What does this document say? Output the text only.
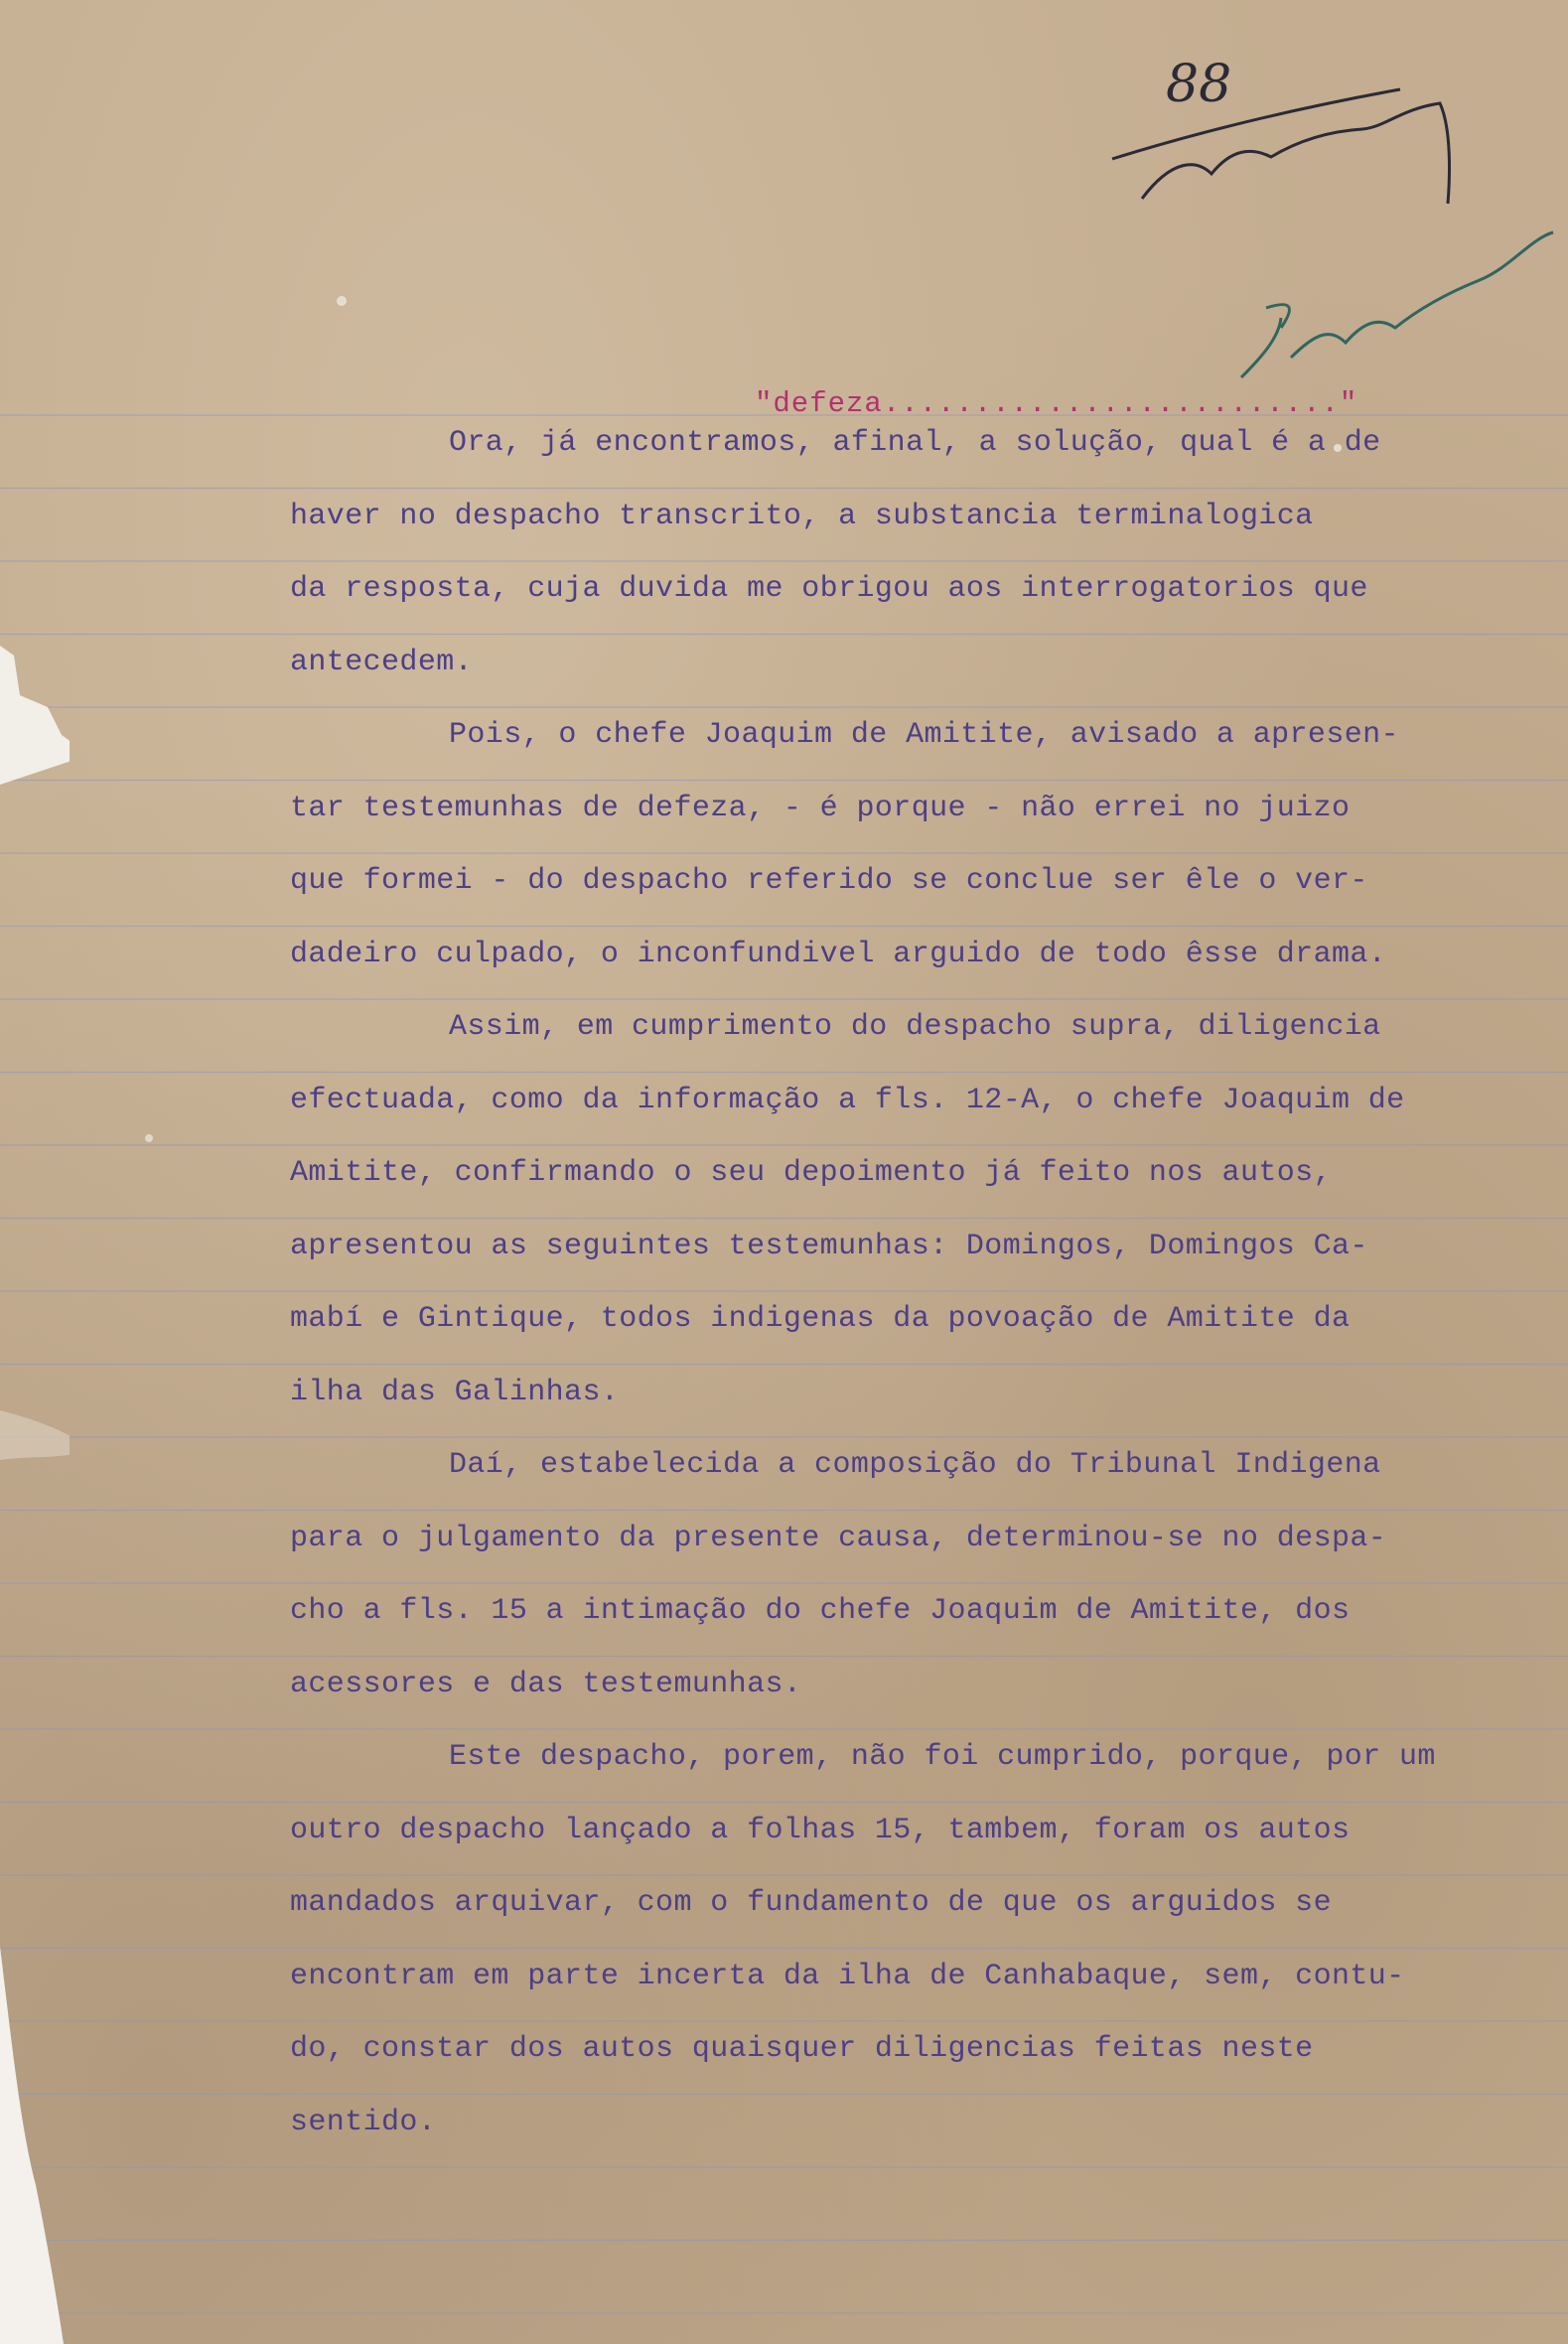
88
"defeza........................."
Ora, já encontramos, afinal, a solução, qual é a de
haver no despacho transcrito, a substancia terminalogica
da resposta, cuja duvida me obrigou aos interrogatorios que
antecedem.
Pois, o chefe Joaquim de Amitite, avisado a apresen-
tar testemunhas de defeza, - é porque - não errei no juizo
que formei - do despacho referido se conclue ser êle o ver-
dadeiro culpado, o inconfundivel arguido de todo êsse drama.
Assim, em cumprimento do despacho supra, diligencia
efectuada, como da informação a fls. 12-A, o chefe Joaquim de
Amitite, confirmando o seu depoimento já feito nos autos,
apresentou as seguintes testemunhas: Domingos, Domingos Ca-
mabí e Gintique, todos indigenas da povoação de Amitite da
ilha das Galinhas.
Daí, estabelecida a composição do Tribunal Indigena
para o julgamento da presente causa, determinou-se no despa-
cho a fls. 15 a intimação do chefe Joaquim de Amitite, dos
acessores e das testemunhas.
Este despacho, porem, não foi cumprido, porque, por um
outro despacho lançado a folhas 15, tambem, foram os autos
mandados arquivar, com o fundamento de que os arguidos se
encontram em parte incerta da ilha de Canhabaque, sem, contu-
do, constar dos autos quaisquer diligencias feitas neste
sentido.
